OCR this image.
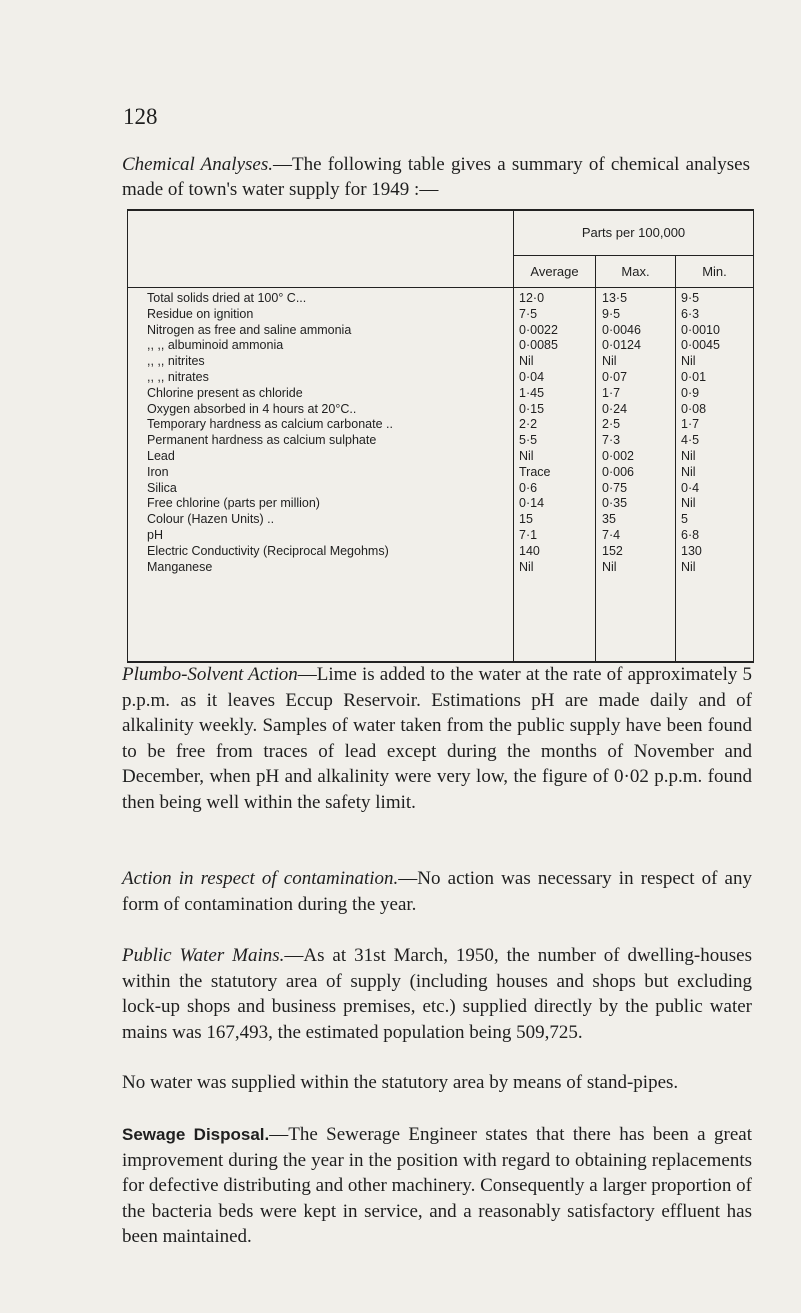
128

Chemical Analyses.—The following table gives a summary of chemical analyses made of town's water supply for 1949 :—

Parts per 100,000
Average	Max.	Min.
Total solids dried at 100° C...	12·0	13·5	9·5
Residue on ignition	7·5	9·5	6·3
Nitrogen as free and saline ammonia	0·0022	0·0046	0·0010
,, ,, albuminoid ammonia	0·0085	0·0124	0·0045
,, ,, nitrites	Nil	Nil	Nil
,, ,, nitrates	0·04	0·07	0·01
Chlorine present as chloride	1·45	1·7	0·9
Oxygen absorbed in 4 hours at 20°C..	0·15	0·24	0·08
Temporary hardness as calcium carbonate ..	2·2	2·5	1·7
Permanent hardness as calcium sulphate	5·5	7·3	4·5
Lead	Nil	0·002	Nil
Iron	Trace	0·006	Nil
Silica	0·6	0·75	0·4
Free chlorine (parts per million)	0·14	0·35	Nil
Colour (Hazen Units) ..	15	35	5
pH	7·1	7·4	6·8
Electric Conductivity (Reciprocal Megohms)	140	152	130
Manganese	Nil	Nil	Nil

Plumbo-Solvent Action—Lime is added to the water at the rate of approximately 5 p.p.m. as it leaves Eccup Reservoir. Estimations pH are made daily and of alkalinity weekly. Samples of water taken from the public supply have been found to be free from traces of lead except during the months of November and December, when pH and alkalinity were very low, the figure of 0·02 p.p.m. found then being well within the safety limit.

Action in respect of contamination.—No action was necessary in respect of any form of contamination during the year.

Public Water Mains.—As at 31st March, 1950, the number of dwelling-houses within the statutory area of supply (including houses and shops but excluding lock-up shops and business premises, etc.) supplied directly by the public water mains was 167,493, the estimated population being 509,725.

No water was supplied within the statutory area by means of stand-pipes.

Sewage Disposal.—The Sewerage Engineer states that there has been a great improvement during the year in the position with regard to obtaining replacements for defective distributing and other machinery. Consequently a larger proportion of the bacteria beds were kept in service, and a reasonably satisfactory effluent has been maintained.
